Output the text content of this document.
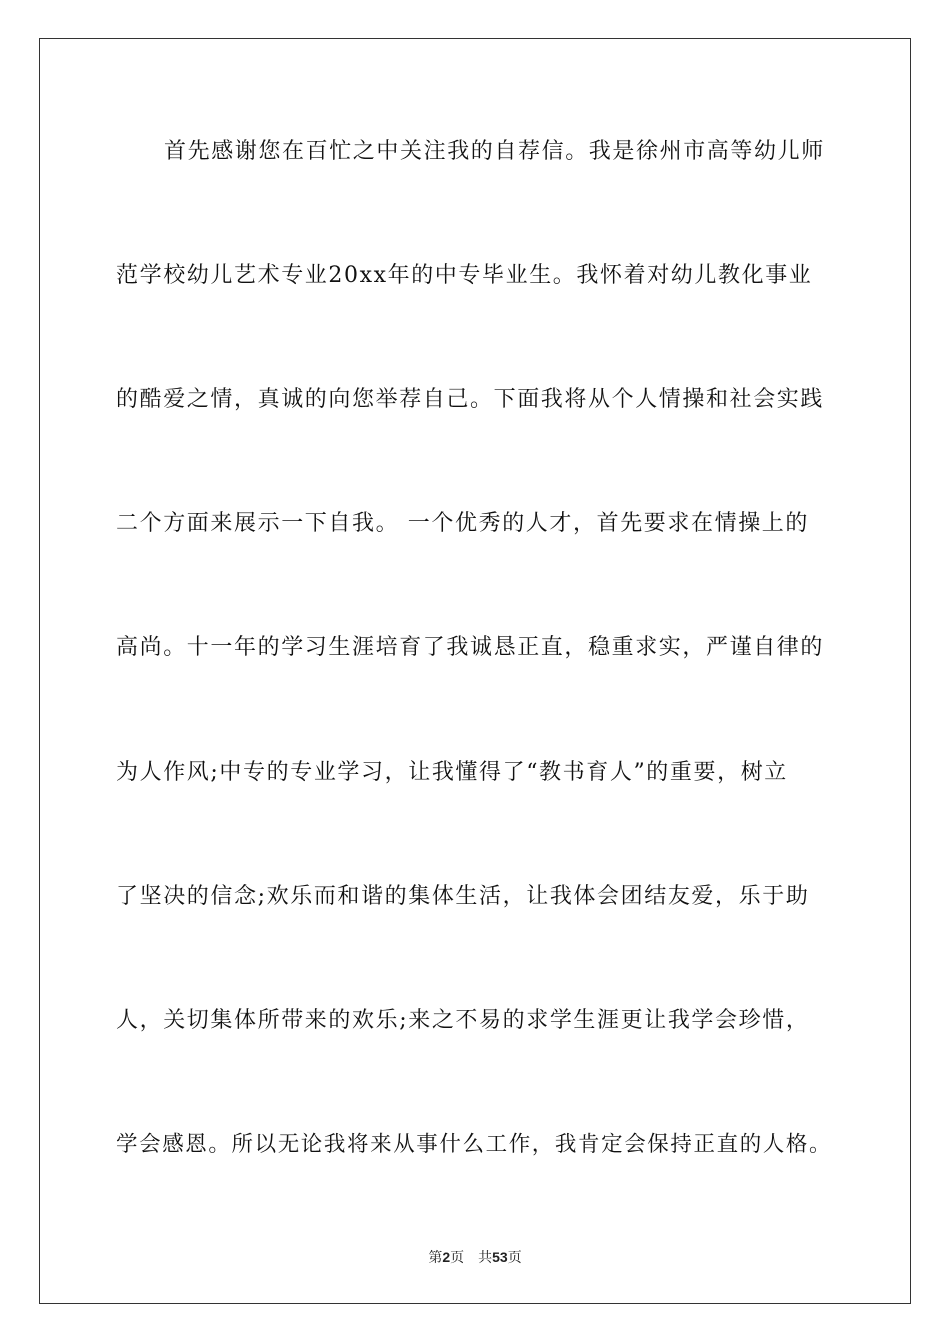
首先感谢您在百忙之中关注我的自荐信。我是徐州市高等幼儿师
范学校幼儿艺术专业20xx年的中专毕业生。我怀着对幼儿教化事业
的酷爱之情，真诚的向您举荐自己。下面我将从个人情操和社会实践
二个方面来展示一下自我。 一个优秀的人才，首先要求在情操上的
高尚。十一年的学习生涯培育了我诚恳正直，稳重求实，严谨自律的
为人作风;中专的专业学习，让我懂得了“教书育人”的重要，树立
了坚决的信念;欢乐而和谐的集体生活，让我体会团结友爱，乐于助
人，关切集体所带来的欢乐;来之不易的求学生涯更让我学会珍惜，
学会感恩。所以无论我将来从事什么工作，我肯定会保持正直的人格。
第2页 共53页
